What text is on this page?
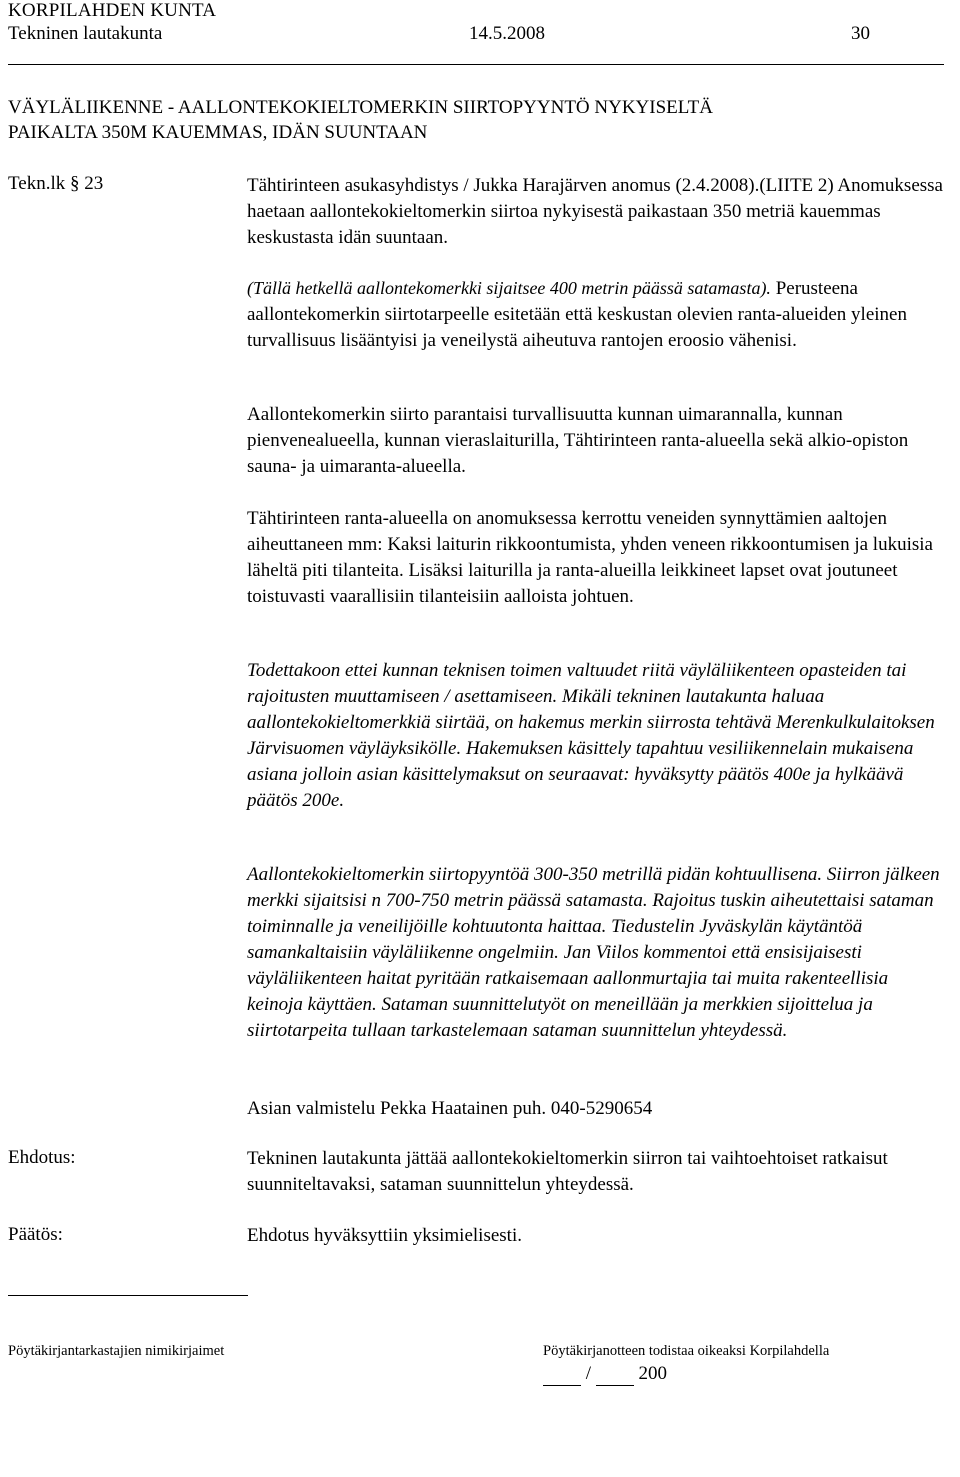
KORPILAHDEN KUNTA
Tekninen lautakunta	14.5.2008	30
VÄYLÄLIIKENNE - AALLONTEKOKIELTOMERKIN SIIRTOPYYNTÖ NYKYISELTÄ
PAIKALTA 350M KAUEMMAS, IDÄN SUUNTAAN
Tekn.lk § 23	Tähtirinteen asukasyhdistys / Jukka Harajärven anomus (2.4.2008).(LIITE 2) Anomuksessa haetaan aallontekokieltomerkin siirtoa nykyisestä paikastaan 350 metriä kauemmas keskustasta idän suuntaan.

(Tällä hetkellä aallontekomerkki sijaitsee 400 metrin päässä satamasta). Perusteena aallontekomerkin siirtotarpeelle esitetään että keskustan olevien ranta-alueiden yleinen turvallisuus lisääntyisi ja veneilystä aiheutuva rantojen eroosio vähenisi.

Aallontekomerkin siirto parantaisi turvallisuutta kunnan uimarannalla, kunnan pienvenealueella, kunnan vieraslaiturilla, Tähtirinteen ranta-alueella sekä alkio-opiston sauna- ja uimaranta-alueella.

Tähtirinteen ranta-alueella on anomuksessa kerrottu veneiden synnyttämien aaltojen aiheuttaneen mm: Kaksi laiturin rikkoontumista, yhden veneen rikkoontumisen ja lukuisia läheltä piti tilanteita. Lisäksi laiturilla ja ranta-alueilla leikkineet lapset ovat joutuneet toistuvasti vaarallisiin tilanteisiin aalloista johtuen.

Todettakoon ettei kunnan teknisen toimen valtuudet riitä väyläliikenteen opasteiden tai rajoitusten muuttamiseen / asettamiseen. Mikäli tekninen lautakunta haluaa aallontekokieltomerkkiä siirtää, on hakemus merkin siirrosta tehtävä Merenkulkulaitoksen Järvisuomen väyläyksikölle. Hakemuksen käsittely tapahtuu vesiliikennelain mukaisena asiana jolloin asian käsittelymaksut on seuraavat: hyväksytty päätös 400e ja hylkäävä päätös 200e.

Aallontekokieltomerkin siirtopyyntöä 300-350 metrillä pidän kohtuullisena. Siirron jälkeen merkki sijaitsisi n 700-750 metrin päässä satamasta. Rajoitus tuskin aiheutettaisi sataman toiminnalle ja veneilijöille kohtuutonta haittaa. Tiedustelin Jyväskylän käytäntöä samankaltaisiin väyläliikenne ongelmiin. Jan Viilos kommentoi että ensisijaisesti väyläliikenteen haitat pyritään ratkaisemaan aallonmurtajia tai muita rakenteellisia keinoja käyttäen. Sataman suunnittelutyöt on meneillään ja merkkien sijoittelua ja siirtotarpeita tullaan tarkastelemaan sataman suunnittelun yhteydessä.

Asian valmistelu Pekka Haatainen puh. 040-5290654

Ehdotus:	Tekninen lautakunta jättää aallontekokieltomerkin siirron tai vaihtoehtoiset ratkaisut suunniteltavaksi, sataman suunnittelun yhteydessä.

Päätös:	Ehdotus hyväksyttiin yksimielisesti.

Pöytäkirjantarkastajien nimikirjaimet	Pöytäkirjanotteen todistaa oikeaksi Korpilahdella
/	200
